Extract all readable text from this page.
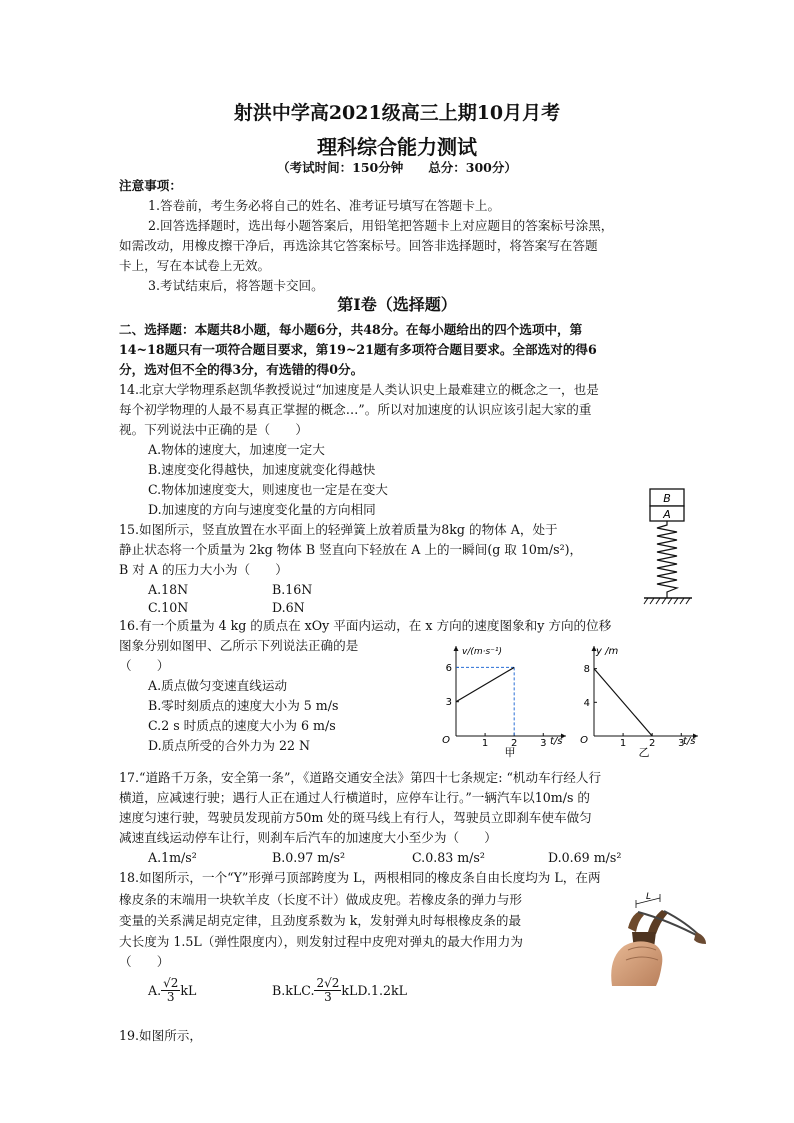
射洪中学高2021级高三上期10月月考
理科综合能力测试
（考试时间：150分钟　　总分：300分）
注意事项：
1.答卷前，考生务必将自己的姓名、准考证号填写在答题卡上。
2.回答选择题时，选出每小题答案后，用铅笔把答题卡上对应题目的答案标号涂黑，
如需改动，用橡皮擦干净后，再选涂其它答案标号。回答非选择题时，将答案写在答题
卡上，写在本试卷上无效。
3.考试结束后，将答题卡交回。
第I卷（选择题）
二、选择题：本题共8小题，每小题6分，共48分。在每小题给出的四个选项中，第
14~18题只有一项符合题目要求，第19~21题有多项符合题目要求。全部选对的得6
分，选对但不全的得3分，有选错的得0分。
14.北京大学物理系赵凯华教授说过“加速度是人类认识史上最难建立的概念之一，也是
每个初学物理的人最不易真正掌握的概念…”。所以对加速度的认识应该引起大家的重
视。下列说法中正确的是（　　）
A.物体的速度大，加速度一定大
B.速度变化得越快，加速度就变化得越快
C.物体加速度变大，则速度也一定是在变大
D.加速度的方向与速度变化量的方向相同
15.如图所示，竖直放置在水平面上的轻弹簧上放着质量为8kg 的物体 A，处于
静止状态将一个质量为 2kg 物体 B 竖直向下轻放在 A 上的一瞬间(g 取 10m/s²)，
B 对 A 的压力大小为（　　）
A.18N	B.16N
C.10N	D.6N
B
A
16.有一个质量为 4 kg 的质点在 xOy 平面内运动，在 x 方向的速度图象和y 方向的位移
图象分别如图甲、乙所示下列说法正确的是
（　　）
A.质点做匀变速直线运动
B.零时刻质点的速度大小为 5 m/s
C.2 s 时质点的速度大小为 6 m/s
D.质点所受的合外力为 22 N
v/(m·s⁻¹)
t/s
O	1 2 3
3
6
甲
y /m
t/s
O	1 2 3
4
8
乙
17.“道路千万条，安全第一条”，《道路交通安全法》第四十七条规定: “机动车行经人行
横道，应减速行驶；遇行人正在通过人行横道时，应停车让行。”一辆汽车以10m/s 的
速度匀速行驶，驾驶员发现前方50m 处的斑马线上有行人，驾驶员立即刹车使车做匀
减速直线运动停车让行，则刹车后汽车的加速度大小至少为（　　）
A.1m/s²	B.0.97 m/s²	C.0.83 m/s²	D.0.69 m/s²
18.如图所示，一个“Y”形弹弓顶部跨度为 L，两根相同的橡皮条自由长度均为 L，在两
橡皮条的末端用一块软羊皮（长度不计）做成皮兜。若橡皮条的弹力与形
变量的关系满足胡克定律，且劲度系数为 k，发射弹丸时每根橡皮条的最
大长度为 1.5L（弹性限度内），则发射过程中皮兜对弹丸的最大作用力为
（　　）
A. $\frac{√2}{3}$ kL	B.kLC. $\frac{2√2}{3} kLD.1.2kL$
L
19.如图所示，
